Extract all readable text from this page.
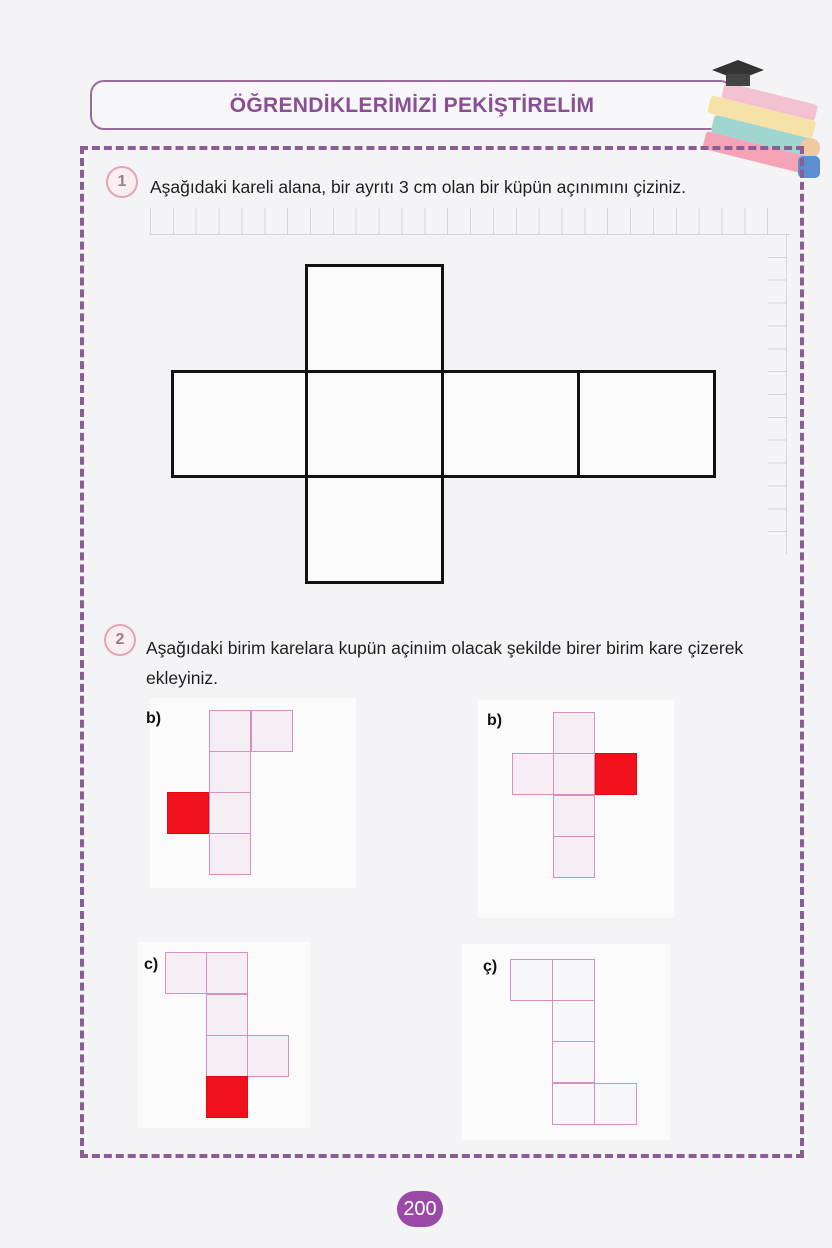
ÖĞRENDİKLERİMİZİ PEKİŞTİRELİM
1	Aşağıdaki kareli alana, bir ayrıtı 3 cm olan bir küpün açınımını çiziniz.
2	Aşağıdaki birim karelara kupün açinıim olacak şekilde birer birim kare çizerek
ekleyiniz.
b)	b)
c)	ç)
200
